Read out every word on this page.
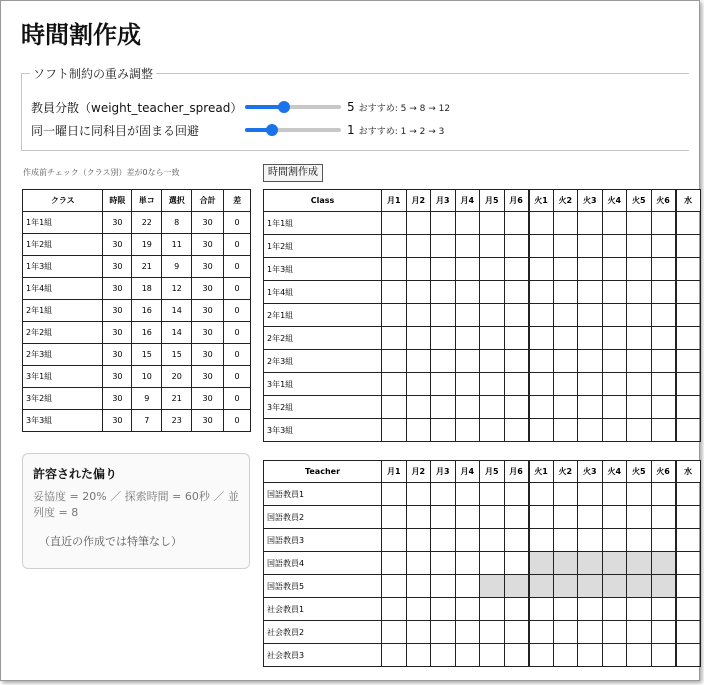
時間割作成
ソフト制約の重み調整
教員分散（weight_teacher_spread）	5 おすすめ: 5 → 8 → 12
同一曜日に同科目が固まる回避	1 おすすめ: 1 → 2 → 3
作成前チェック（クラス別）差が0なら一致	時間割作成
クラス	時限	単コ	選択	合計	差
1年1組	30	22	8	30	0
1年2組	30	19	11	30	0
1年3組	30	21	9	30	0
1年4組	30	18	12	30	0
2年1組	30	16	14	30	0
2年2組	30	16	14	30	0
2年3組	30	15	15	30	0
3年1組	30	10	20	30	0
3年2組	30	9	21	30	0
3年3組	30	7	23	30	0
Class	月1	月2	月3	月4	月5	月6	火1	火2	火3	火4	火5	火6	水
1年1組													
1年2組													
1年3組													
1年4組													
2年1組													
2年2組													
2年3組													
3年1組													
3年2組													
3年3組													
許容された偏り
妥協度 = 20% ／ 探索時間 = 60秒 ／ 並列度 = 8
（直近の作成では特筆なし）
Teacher	月1	月2	月3	月4	月5	月6	火1	火2	火3	火4	火5	火6	水
国語教員1													
国語教員2													
国語教員3													
国語教員4													
国語教員5													
社会教員1													
社会教員2													
社会教員3													
